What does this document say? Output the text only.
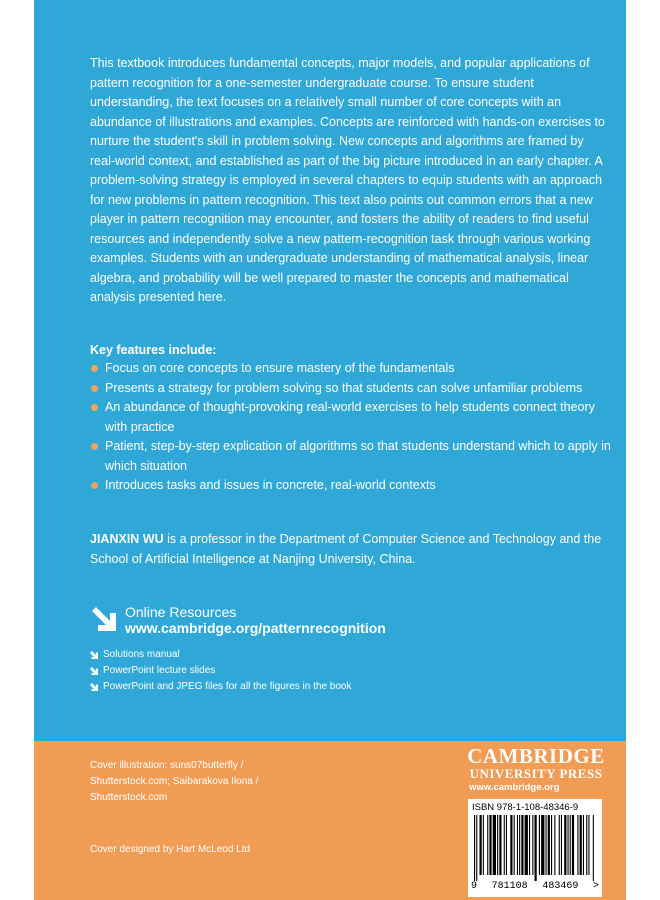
This textbook introduces fundamental concepts, major models, and popular applications of pattern recognition for a one-semester undergraduate course. To ensure student understanding, the text focuses on a relatively small number of core concepts with an abundance of illustrations and examples. Concepts are reinforced with hands-on exercises to nurture the student's skill in problem solving. New concepts and algorithms are framed by real-world context, and established as part of the big picture introduced in an early chapter. A problem-solving strategy is employed in several chapters to equip students with an approach for new problems in pattern recognition. This text also points out common errors that a new player in pattern recognition may encounter, and fosters the ability of readers to find useful resources and independently solve a new pattern-recognition task through various working examples. Students with an undergraduate understanding of mathematical analysis, linear algebra, and probability will be well prepared to master the concepts and mathematical analysis presented here.

Key features include:

Focus on core concepts to ensure mastery of the fundamentals
Presents a strategy for problem solving so that students can solve unfamiliar problems
An abundance of thought-provoking real-world exercises to help students connect theory with practice
Patient, step-by-step explication of algorithms so that students understand which to apply in which situation
Introduces tasks and issues in concrete, real-world contexts

JIANXIN WU is a professor in the Department of Computer Science and Technology and the School of Artificial Intelligence at Nanjing University, China.

Online Resources
www.cambridge.org/patternrecognition
Solutions manual
PowerPoint lecture slides
PowerPoint and JPEG files for all the figures in the book

Cover illustration: suns07butterfly / Shutterstock.com; Saibarakova Ilona / Shutterstock.com

Cover designed by Hart McLeod Ltd

CAMBRIDGE
UNIVERSITY PRESS
www.cambridge.org
ISBN 978-1-108-48346-9
9 781108 483469 >
